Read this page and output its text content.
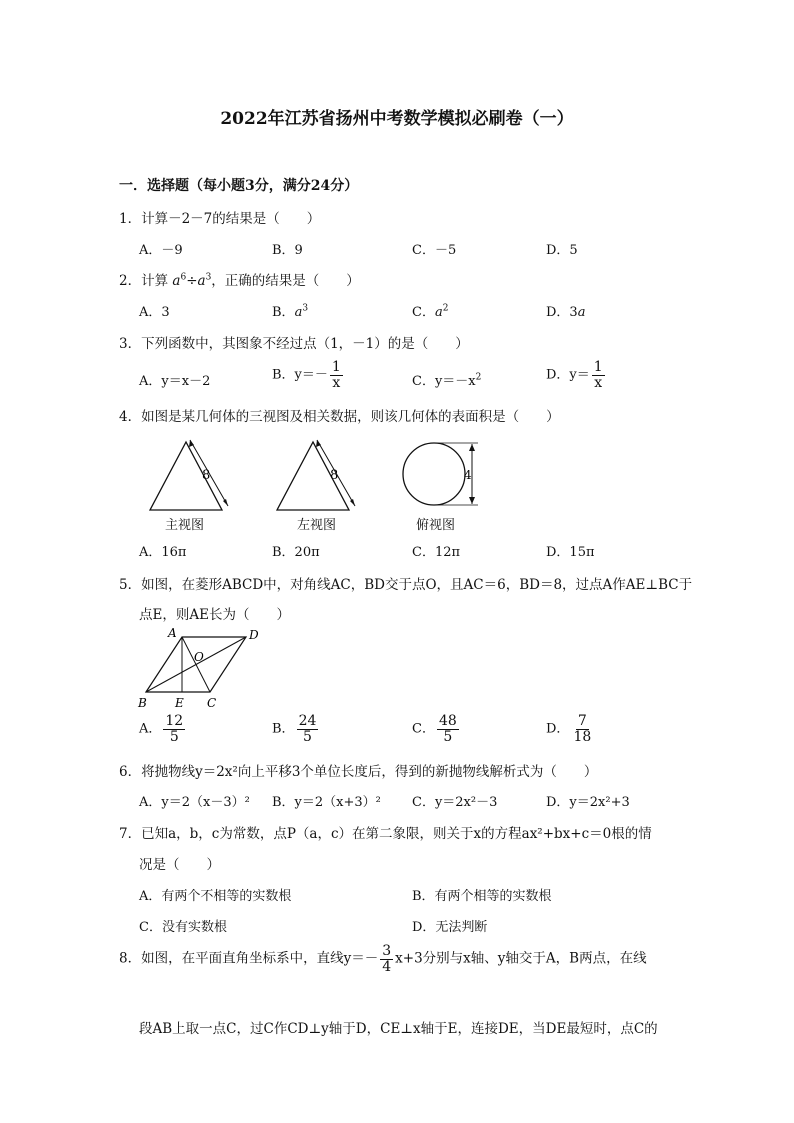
2022年江苏省扬州中考数学模拟必刷卷（一）
一．选择题（每小题3分，满分24分）
1．计算－2－7的结果是（　　）
A．－9	B．9	C．－5	D．5
2．计算 $a^6\div a^3$，正确的结果是（　　）
A．3	B．$a^3$	C．$a^2$	D．3a
3．下列函数中，其图象不经过点（1，－1）的是（　　）
A．y＝x－2	B．$y=- \frac{1}{x}$	C．$y=-x^2$	D．$y= \frac{1}{x}$
4．如图是某几何体的三视图及相关数据，则该几何体的表面积是（　　）
8	8	4
主视图	左视图	俯视图
A．16π	B．20π	C．12π	D．15π
5．如图，在菱形ABCD中，对角线AC，BD交于点O，且AC＝6，BD＝8，过点A作AE⊥BC于
点E，则AE长为（　　）
A	D
O
B E C
A． $\frac{12}{5}$	B． $\frac{24}{5}$	C． $\frac{48}{5}$	D． $\frac{7}{18}$
6．将抛物线y＝2x²向上平移3个单位长度后，得到的新抛物线解析式为（　　）
A．y＝2（x－3）² B．y＝2（x+3）² C．y＝2x²－3	D．y＝2x²+3
7．已知a，b，c为常数，点P（a，c）在第二象限，则关于x的方程ax²+bx+c＝0根的情
况是（　　）
A．有两个不相等的实数根	B．有两个相等的实数根
C．没有实数根	D．无法判断
8．如图，在平面直角坐标系中，直线$y=- \frac{3}{4} x+3$分别与x轴、y轴交于A，B两点，在线
段AB上取一点C，过C作CD⊥y轴于D，CE⊥x轴于E，连接DE，当DE最短时，点C的
